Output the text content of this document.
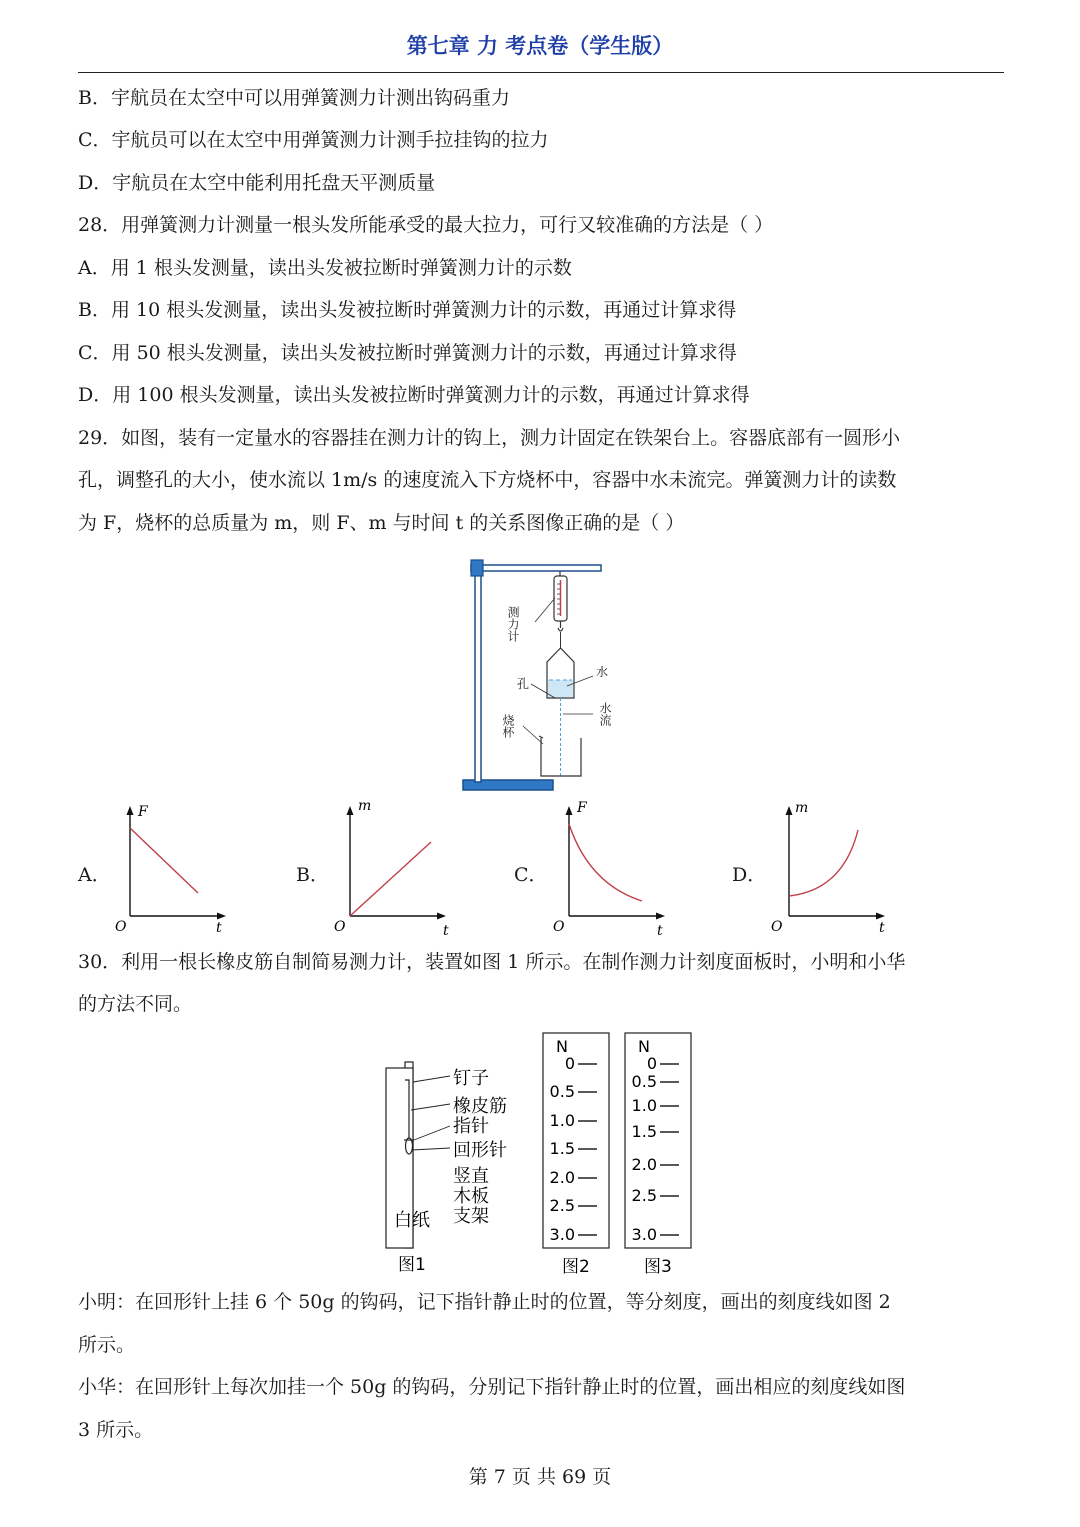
第七章 力 考点卷（学生版）
B．宇航员在太空中可以用弹簧测力计测出钩码重力
C．宇航员可以在太空中用弹簧测力计测手拉挂钩的拉力
D．宇航员在太空中能利用托盘天平测质量
28．用弹簧测力计测量一根头发所能承受的最大拉力，可行又较准确的方法是（ ）
A．用 1 根头发测量，读出头发被拉断时弹簧测力计的示数
B．用 10 根头发测量，读出头发被拉断时弹簧测力计的示数，再通过计算求得
C．用 50 根头发测量，读出头发被拉断时弹簧测力计的示数，再通过计算求得
D．用 100 根头发测量，读出头发被拉断时弹簧测力计的示数，再通过计算求得
29．如图，装有一定量水的容器挂在测力计的钩上，测力计固定在铁架台上。容器底部有一圆形小
孔，调整孔的大小，使水流以 1m/s 的速度流入下方烧杯中，容器中水未流完。弹簧测力计的读数
为 F，烧杯的总质量为 m，则 F、m 与时间 t 的关系图像正确的是（ ）
测力计
水
孔
水流
烧杯
A．	B．	C．	D．
F
t
O
m
t
O
F
t
O
m
t
O
30．利用一根长橡皮筋自制简易测力计，装置如图 1 所示。在制作测力计刻度面板时，小明和小华
的方法不同。
钉子
橡皮筋
指针
回形针
竖直
木板
支架
白纸
图1
N
0
0.5
1.0
1.5
2.0
2.5
3.0
图2
N
0
0.5
1.0
1.5
2.0
2.5
3.0
图3
小明：在回形针上挂 6 个 50g 的钩码，记下指针静止时的位置，等分刻度，画出的刻度线如图 2
所示。
小华：在回形针上每次加挂一个 50g 的钩码，分别记下指针静止时的位置，画出相应的刻度线如图
3 所示。
第 7 页 共 69 页
